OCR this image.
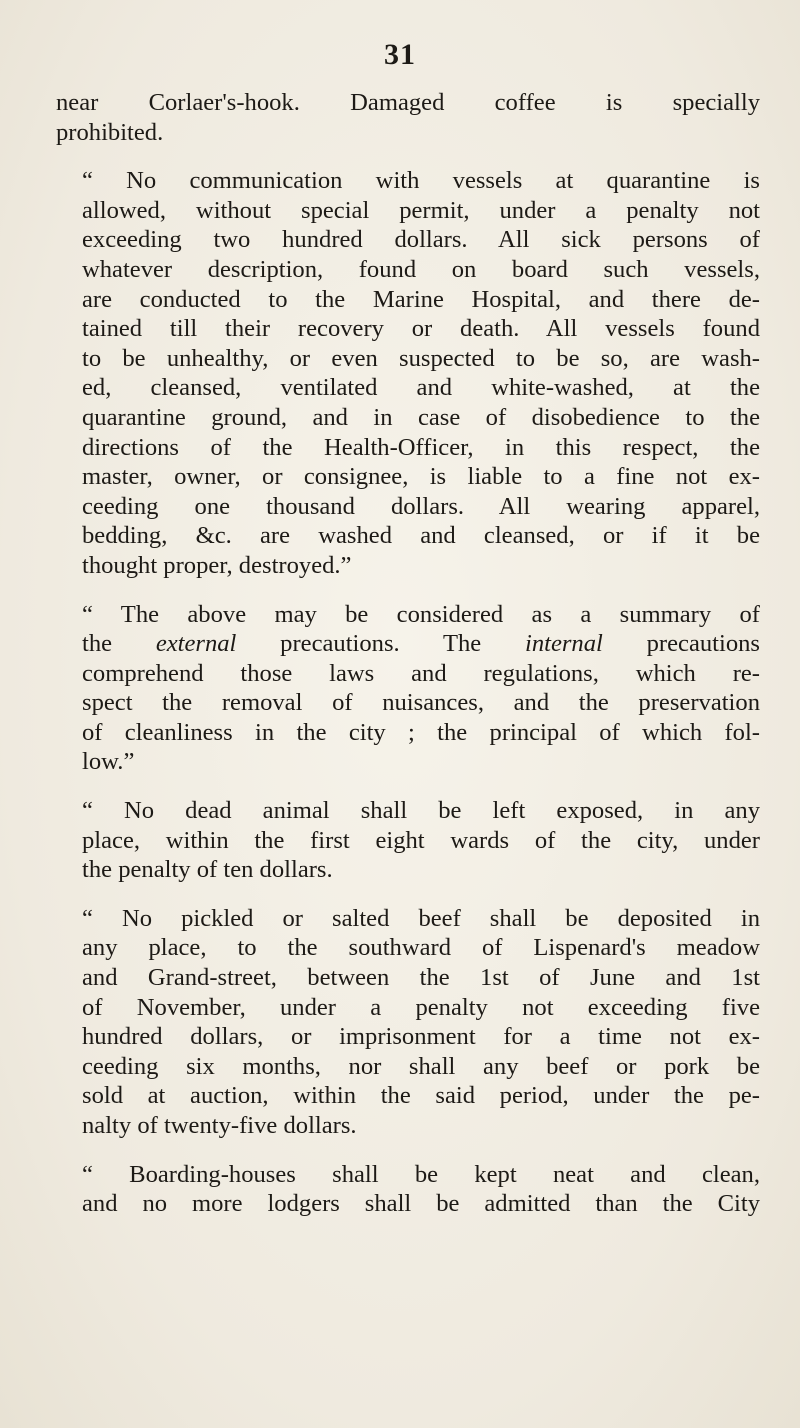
31

near Corlaer's-hook. Damaged coffee is specially
prohibited.

“ No communication with vessels at quarantine is
allowed, without special permit, under a penalty not
exceeding two hundred dollars. All sick persons of
whatever description, found on board such vessels,
are conducted to the Marine Hospital, and there de-
tained till their recovery or death. All vessels found
to be unhealthy, or even suspected to be so, are wash-
ed, cleansed, ventilated and white-washed, at the
quarantine ground, and in case of disobedience to the
directions of the Health-Officer, in this respect, the
master, owner, or consignee, is liable to a fine not ex-
ceeding one thousand dollars. All wearing apparel,
bedding, &c. are washed and cleansed, or if it be
thought proper, destroyed.”

“ The above may be considered as a summary of
the external precautions. The internal precautions
comprehend those laws and regulations, which re-
spect the removal of nuisances, and the preservation
of cleanliness in the city ; the principal of which fol-
low.”

“ No dead animal shall be left exposed, in any
place, within the first eight wards of the city, under
the penalty of ten dollars.

“ No pickled or salted beef shall be deposited in
any place, to the southward of Lispenard's meadow
and Grand-street, between the 1st of June and 1st
of November, under a penalty not exceeding five
hundred dollars, or imprisonment for a time not ex-
ceeding six months, nor shall any beef or pork be
sold at auction, within the said period, under the pe-
nalty of twenty-five dollars.

“ Boarding-houses shall be kept neat and clean,
and no more lodgers shall be admitted than the City
